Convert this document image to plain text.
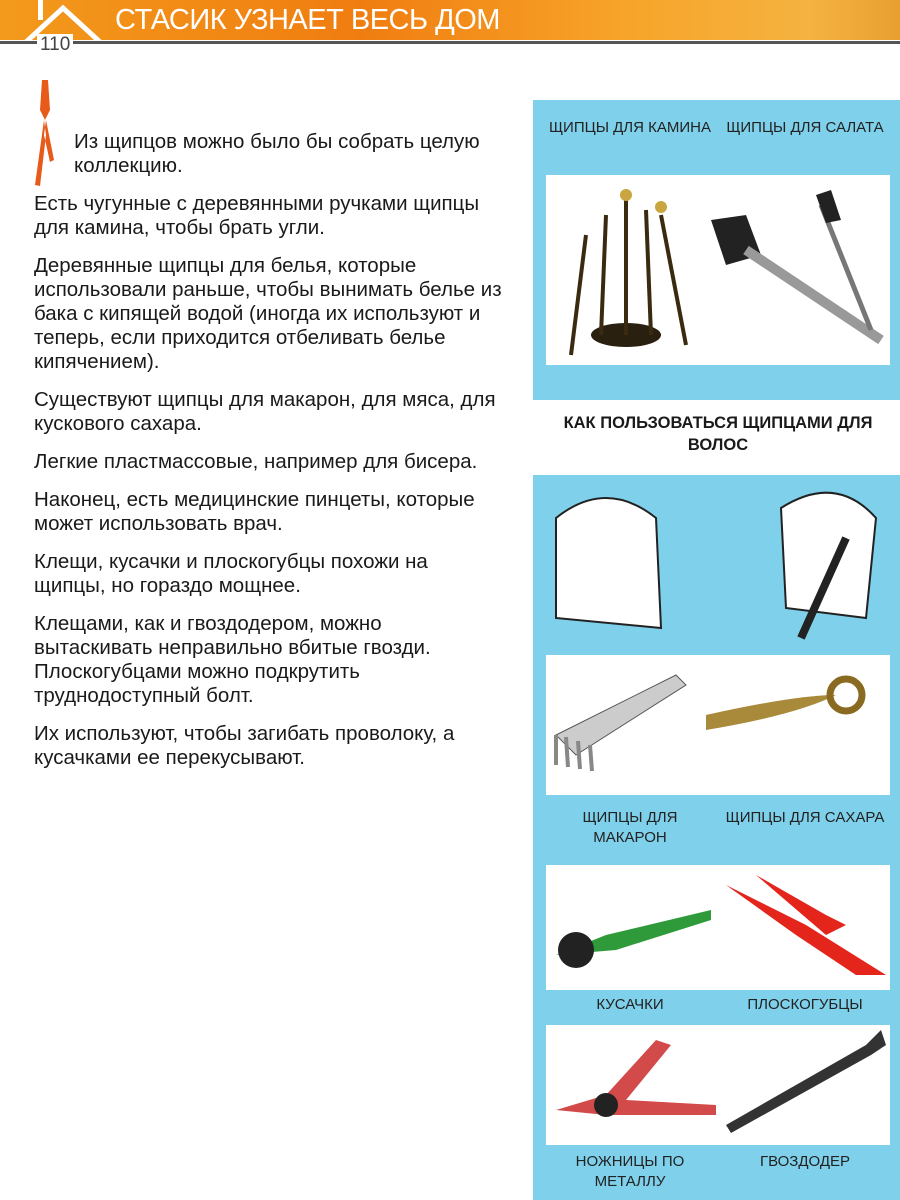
СТАСИК УЗНАЕТ ВЕСЬ ДОМ
110

Из щипцов можно было бы собрать целую коллекцию.

Есть чугунные с деревянными ручками щипцы для камина, чтобы брать угли.

Деревянные щипцы для белья, которые использовали раньше, чтобы вынимать белье из бака с кипящей водой (иногда их используют и теперь, если приходится отбеливать белье кипячением).

Существуют щипцы для макарон, для мяса, для кускового сахара.

Легкие пластмассовые, например для бисера.

Наконец, есть медицинские пинцеты, которые может использовать врач.

Клещи, кусачки и плоскогубцы похожи на щипцы, но гораздо мощнее.

Клещами, как и гвоздодером, можно вытаскивать неправильно вбитые гвозди. Плоскогубцами можно подкрутить труднодоступный болт.

Их используют, чтобы загибать проволоку, а кусачками ее перекусывают.

ЩИПЦЫ ДЛЯ КАМИНА	ЩИПЦЫ ДЛЯ САЛАТА
КАК ПОЛЬЗОВАТЬСЯ ЩИПЦАМИ ДЛЯ ВОЛОС
ЩИПЦЫ ДЛЯ МАКАРОН
ЩИПЦЫ ДЛЯ САХАРА
КУСАЧКИ	ПЛОСКОГУБЦЫ
НОЖНИЦЫ ПО МЕТАЛЛУ
ГВОЗДОДЕР
